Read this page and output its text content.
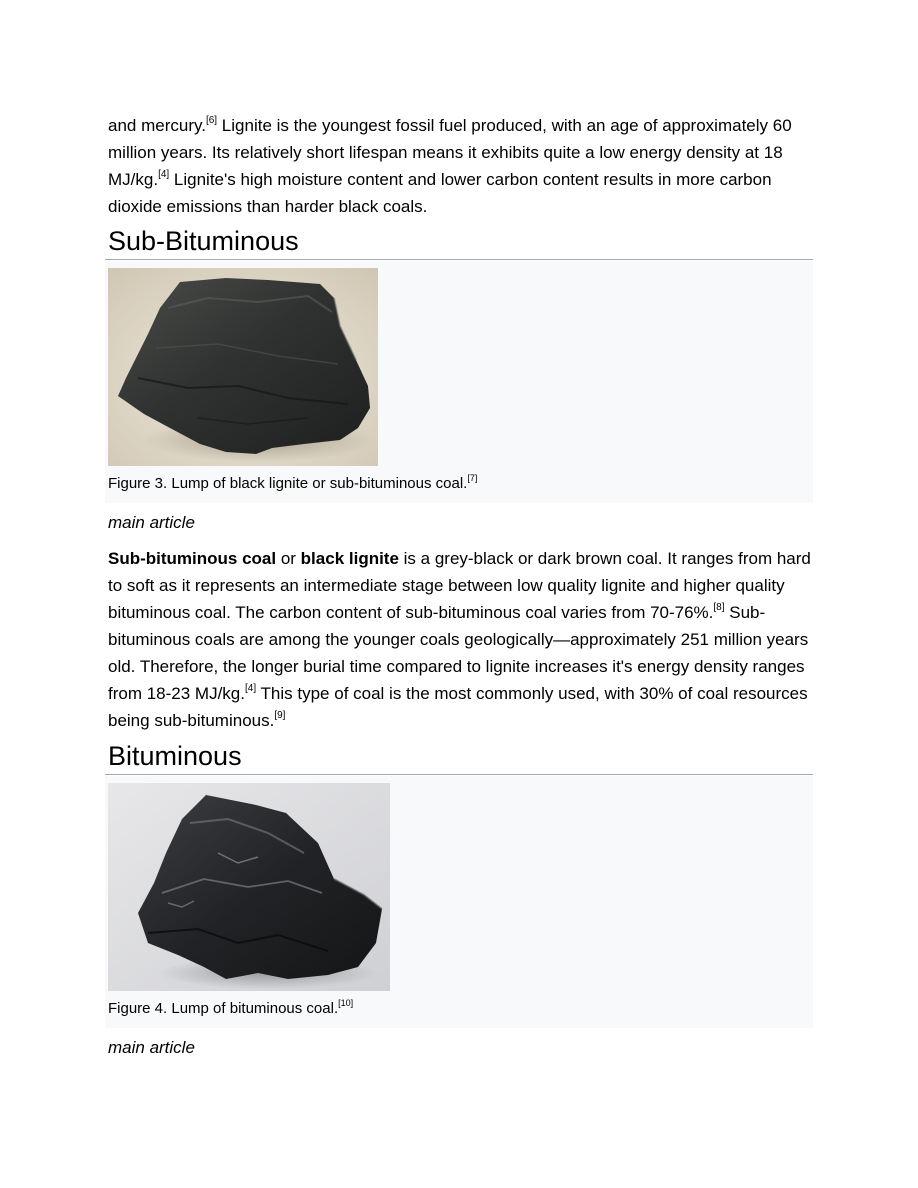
and mercury.[6] Lignite is the youngest fossil fuel produced, with an age of approximately 60 million years. Its relatively short lifespan means it exhibits quite a low energy density at 18 MJ/kg.[4] Lignite's high moisture content and lower carbon content results in more carbon dioxide emissions than harder black coals.

Sub-Bituminous
Figure 3. Lump of black lignite or sub-bituminous coal.[7]
main article

Sub-bituminous coal or black lignite is a grey-black or dark brown coal. It ranges from hard to soft as it represents an intermediate stage between low quality lignite and higher quality bituminous coal. The carbon content of sub-bituminous coal varies from 70-76%.[8] Sub-bituminous coals are among the younger coals geologically—approximately 251 million years old. Therefore, the longer burial time compared to lignite increases it's energy density ranges from 18-23 MJ/kg.[4] This type of coal is the most commonly used, with 30% of coal resources being sub-bituminous.[9]

Bituminous
Figure 4. Lump of bituminous coal.[10]
main article
